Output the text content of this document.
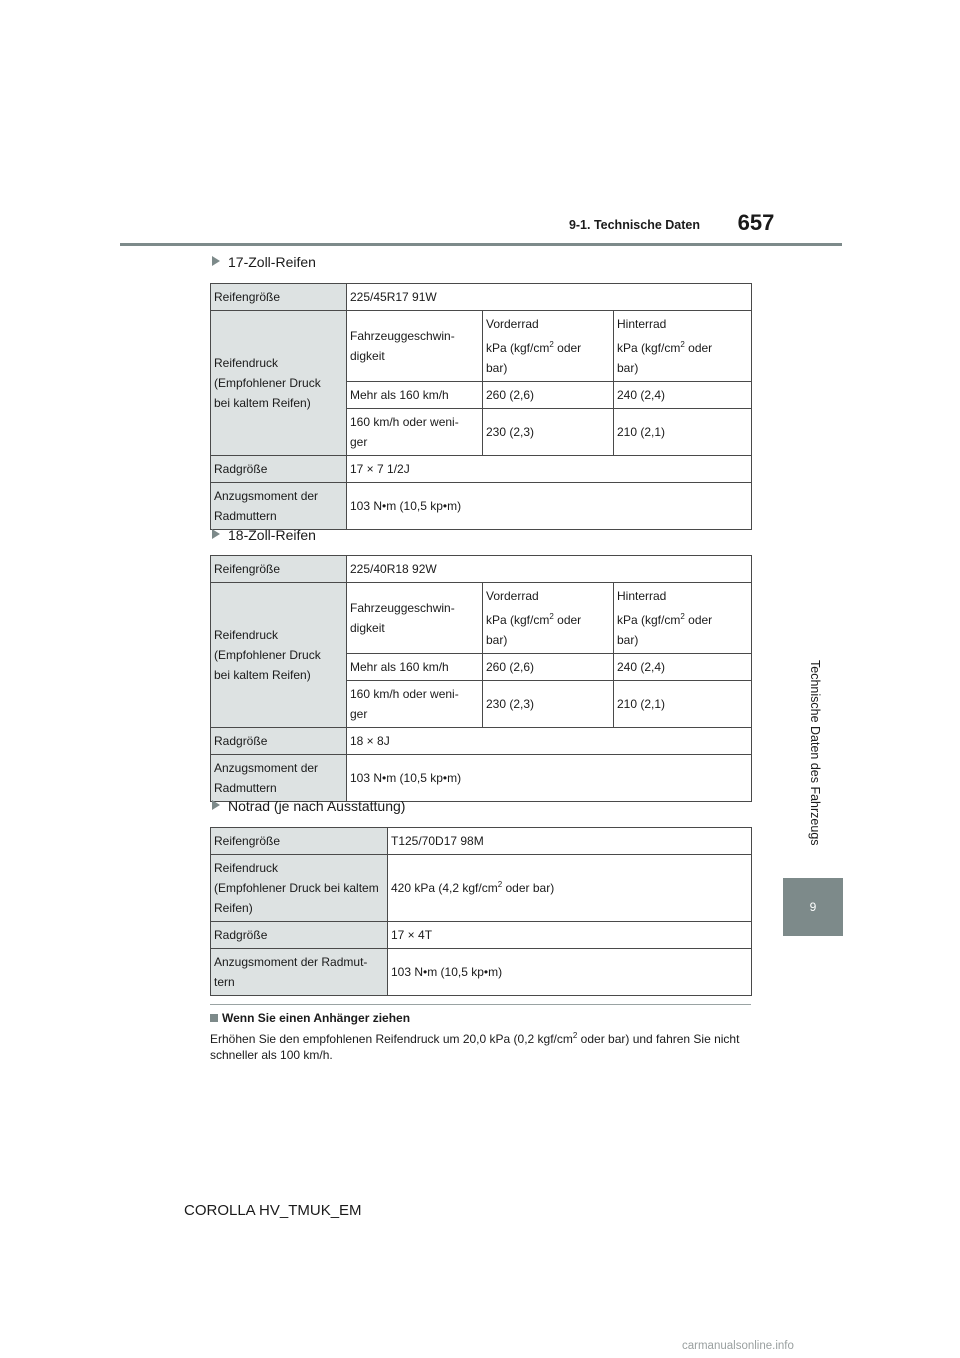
9-1. Technische Daten 657
Technische Daten des Fahrzeugs
9
17-Zoll-Reifen
Reifengröße	225/45R17 91W		

Reifendruck
(Empfohlener Druck
bei kaltem Reifen)	Fahrzeuggeschwin-
digkeit	Vorderrad
kPa ($kgf/cm^2$ oder
bar)	Hinterrad
kPa ($kgf/cm^2$ oder
bar)

	Mehr als 160 km/h	260 (2,6)	240 (2,4)

	160 km/h oder weni-
ger	230 (2,3)	210 (2,1)
Radgröße	17 × 7 1/2J		

Anzugsmoment der
Radmuttern	103 N•m (10,5 kp•m)		
18-Zoll-Reifen
Reifengröße	225/40R18 92W		

Reifendruck
(Empfohlener Druck
bei kaltem Reifen)	Fahrzeuggeschwin-
digkeit	Vorderrad
kPa ($kgf/cm^2$ oder
bar)	Hinterrad
kPa ($kgf/cm^2$ oder
bar)

	Mehr als 160 km/h	260 (2,6)	240 (2,4)

	160 km/h oder weni-
ger	230 (2,3)	210 (2,1)
Radgröße	18 × 8J		

Anzugsmoment der
Radmuttern	103 N•m (10,5 kp•m)		
Notrad (je nach Ausstattung)
Reifengröße	T125/70D17 98M

Reifendruck
(Empfohlener Druck bei kaltem
Reifen)	420 kPa (4,2 kgf/$cm^2$ oder bar)
Radgröße	17 × 4T

Anzugsmoment der Radmut-
tern	103 N•m (10,5 kp•m)
Wenn Sie einen Anhänger ziehen
Erhöhen Sie den empfohlenen Reifendruck um 20,0 kPa (0,2 kgf/$cm^2$ oder bar) und fahren Sie nicht schneller als 100 km/h.
COROLLA HV_TMUK_EM
carmanualsonline.info
